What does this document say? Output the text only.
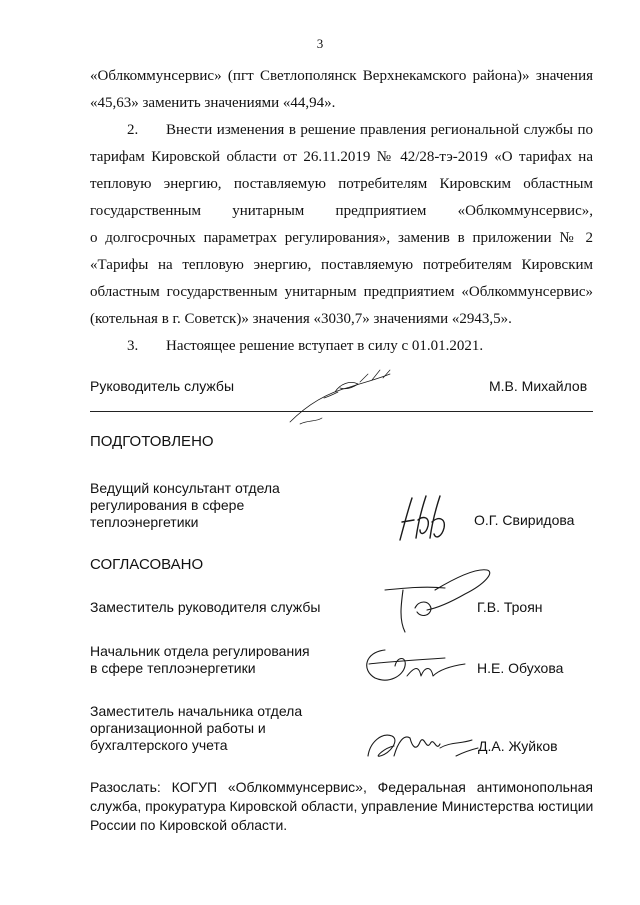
3
«Облкоммунсервис» (пгт Светлополянск Верхнекамского района)» значения
«45,63» заменить значениями «44,94».
2. Внести изменения в решение правления региональной службы по
тарифам Кировской области от 26.11.2019 № 42/28-тэ-2019 «О тарифах на
тепловую энергию, поставляемую потребителям Кировским областным
государственным унитарным предприятием «Облкоммунсервис»,
о долгосрочных параметрах регулирования», заменив в приложении № 2
«Тарифы на тепловую энергию, поставляемую потребителям Кировским
областным государственным унитарным предприятием «Облкоммунсервис»
(котельная в г. Советск)» значения «3030,7» значениями «2943,5».
3. Настоящее решение вступает в силу с 01.01.2021.
Руководитель службы	М.В. Михайлов
ПОДГОТОВЛЕНО
Ведущий консультант отдела
регулирования в сфере
теплоэнергетики	О.Г. Свиридова
СОГЛАСОВАНО
Заместитель руководителя службы	Г.В. Троян
Начальник отдела регулирования
в сфере теплоэнергетики	Н.Е. Обухова
Заместитель начальника отдела
организационной работы и
бухгалтерского учета	Д.А. Жуйков
Разослать: КОГУП «Облкоммунсервис», Федеральная антимонопольная
служба, прокуратура Кировской области, управление Министерства юстиции
России по Кировской области.
